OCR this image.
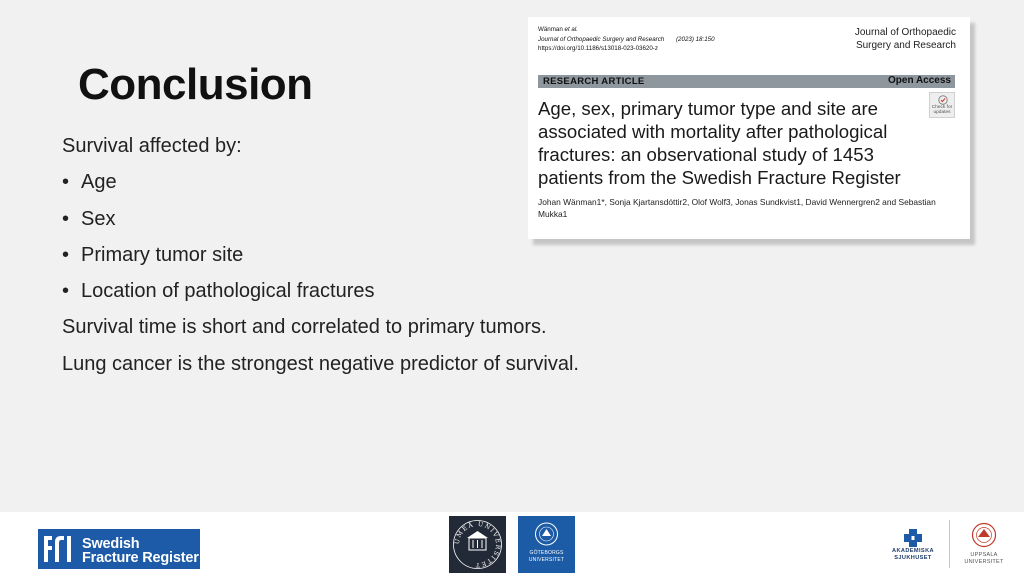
Conclusion
Survival affected by:
• Age
• Sex
• Primary tumor site
• Location of pathological fractures
Survival time is short and correlated to primary tumors.
Lung cancer is the strongest negative predictor of survival.
Wänman et al.
Journal of Orthopaedic Surgery and Research (2023) 18:150
https://doi.org/10.1186/s13018-023-03620-z
Journal of Orthopaedic
Surgery and Research
RESEARCH ARTICLE	Open Access
Check for
updates
Age, sex, primary tumor type and site are associated with mortality after pathological fractures: an observational study of 1453 patients from the Swedish Fracture Register
Johan Wänman1*, Sonja Kjartansdóttir2, Olof Wolf3, Jonas Sundkvist1, David Wennergren2 and Sebastian Mukka1
Swedish
Fracture Register
UMEÅ UNIVERSITET
GÖTEBORGS
UNIVERSITET
AKADEMISKA
SJUKHUSET	UPPSALA
UNIVERSITET
